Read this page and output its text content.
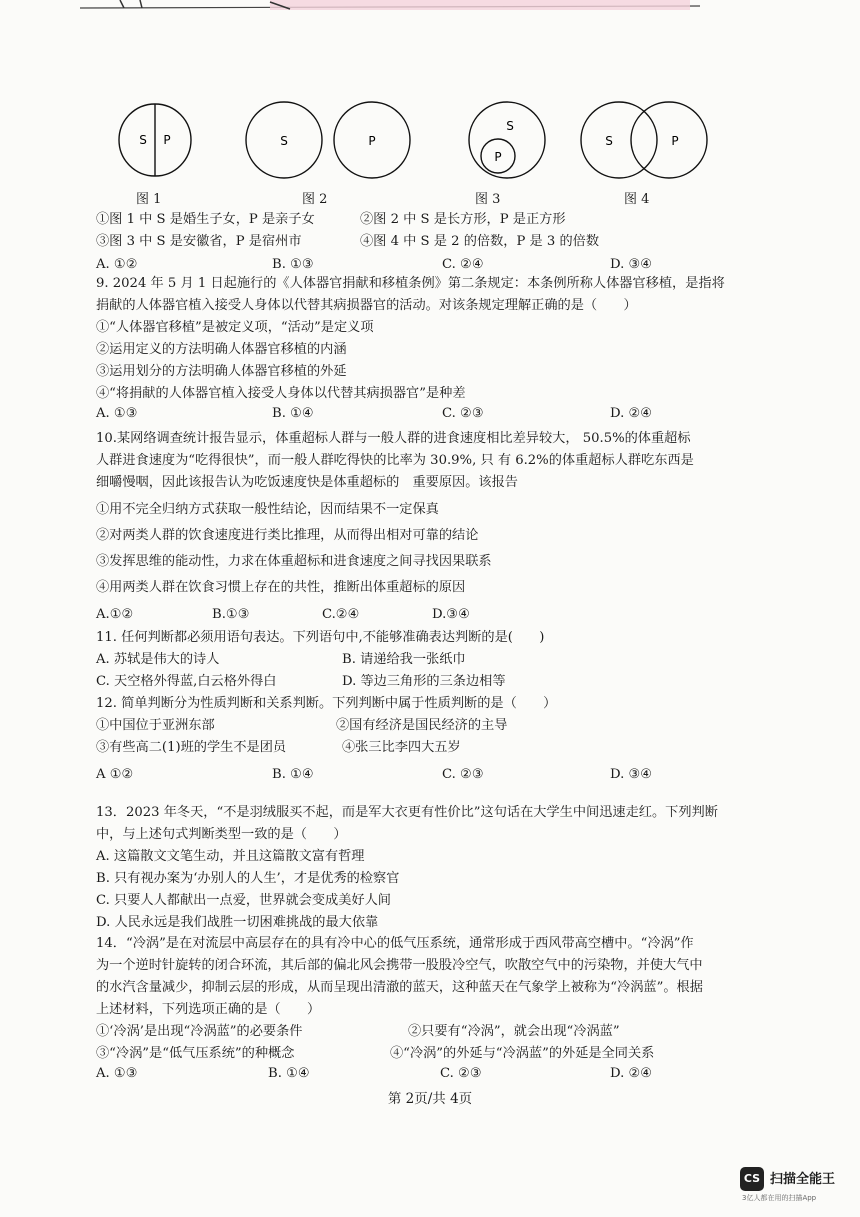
S P
图 1
S	P
图 2
S
P
图 3
S	P
图 4
①图 1 中 S 是婚生子女，P 是亲子女	②图 2 中 S 是长方形，P 是正方形
③图 3 中 S 是安徽省，P 是宿州市	④图 4 中 S 是 2 的倍数，P 是 3 的倍数
A. ①②	B. ①③	C. ②④	D. ③④
9. 2024 年 5 月 1 日起施行的《人体器官捐献和移植条例》第二条规定：本条例所称人体器官移植，是指将
捐献的人体器官植入接受人身体以代替其病损器官的活动。对该条规定理解正确的是（　　）
①“人体器官移植”是被定义项，“活动”是定义项
②运用定义的方法明确人体器官移植的内涵
③运用划分的方法明确人体器官移植的外延
④“将捐献的人体器官植入接受人身体以代替其病损器官”是种差
A. ①③	B. ①④	C. ②③	D. ②④
10.某网络调查统计报告显示，体重超标人群与一般人群的进食速度相比差异较大， 50.5%的体重超标
人群进食速度为“吃得很快”，而一般人群吃得快的比率为 30.9%, 只 有 6.2%的体重超标人群吃东西是
细嚼慢咽，因此该报告认为吃饭速度快是体重超标的　重要原因。该报告
①用不完全归纳方式获取一般性结论，因而结果不一定保真
②对两类人群的饮食速度进行类比推理，从而得出相对可靠的结论
③发挥思维的能动性，力求在体重超标和进食速度之间寻找因果联系
④用两类人群在饮食习惯上存在的共性，推断出体重超标的原因
A.①②	B.①③	C.②④	D.③④
11. 任何判断都必须用语句表达。下列语句中,不能够准确表达判断的是(　　)
A. 苏轼是伟大的诗人	B. 请递给我一张纸巾
C. 天空格外得蓝,白云格外得白	D. 等边三角形的三条边相等
12. 简单判断分为性质判断和关系判断。下列判断中属于性质判断的是（　　）
①中国位于亚洲东部	②国有经济是国民经济的主导
③有些高二(1)班的学生不是团员	④张三比李四大五岁
A ①②	B. ①④	C. ②③	D. ③④
13．2023 年冬天，“不是羽绒服买不起，而是军大衣更有性价比”这句话在大学生中间迅速走红。下列判断
中，与上述句式判断类型一致的是（　　）
A. 这篇散文文笔生动，并且这篇散文富有哲理
B. 只有视办案为‘办别人的人生’，才是优秀的检察官
C. 只要人人都献出一点爱，世界就会变成美好人间
D. 人民永远是我们战胜一切困难挑战的最大依靠
14．“冷涡”是在对流层中高层存在的具有冷中心的低气压系统，通常形成于西风带高空槽中。“冷涡”作
为一个逆时针旋转的闭合环流，其后部的偏北风会携带一股股冷空气，吹散空气中的污染物，并使大气中
的水汽含量减少，抑制云层的形成，从而呈现出清澈的蓝天，这种蓝天在气象学上被称为“冷涡蓝”。根据
上述材料，下列选项正确的是（　　）
①‘冷涡’是出现“冷涡蓝”的必要条件	②只要有“冷涡”，就会出现“冷涡蓝”
③“冷涡”是“低气压系统”的种概念	④“冷涡”的外延与“冷涡蓝”的外延是全同关系
A. ①③	B. ①④	C. ②③	D. ②④
第 2页/共 4页
CS 扫描全能王
3亿人都在用的扫描App
